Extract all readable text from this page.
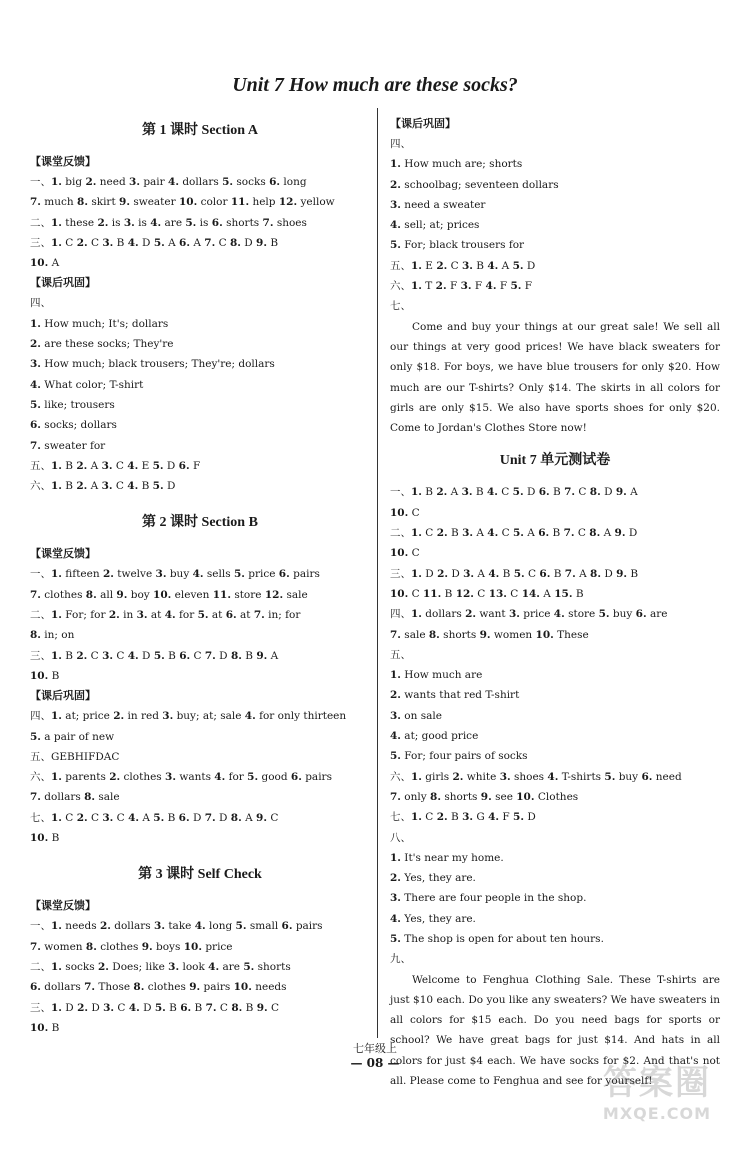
Unit 7 How much are these socks?
第 1 课时 Section A
【课堂反馈】
一、1. big 2. need 3. pair 4. dollars 5. socks 6. long
7. much 8. skirt 9. sweater 10. color 11. help 12. yellow
二、1. these 2. is 3. is 4. are 5. is 6. shorts 7. shoes
三、1. C 2. C 3. B 4. D 5. A 6. A 7. C 8. D 9. B
10. A
【课后巩固】
四、
1. How much; It's; dollars
2. are these socks; They're
3. How much; black trousers; They're; dollars
4. What color; T-shirt
5. like; trousers
6. socks; dollars
7. sweater for
五、1. B 2. A 3. C 4. E 5. D 6. F
六、1. B 2. A 3. C 4. B 5. D
第 2 课时 Section B
【课堂反馈】
一、1. fifteen 2. twelve 3. buy 4. sells 5. price 6. pairs
7. clothes 8. all 9. boy 10. eleven 11. store 12. sale
二、1. For; for 2. in 3. at 4. for 5. at 6. at 7. in; for
8. in; on
三、1. B 2. C 3. C 4. D 5. B 6. C 7. D 8. B 9. A
10. B
【课后巩固】
四、1. at; price 2. in red 3. buy; at; sale 4. for only thirteen
5. a pair of new
五、GEBHIFDAC
六、1. parents 2. clothes 3. wants 4. for 5. good 6. pairs
7. dollars 8. sale
七、1. C 2. C 3. C 4. A 5. B 6. D 7. D 8. A 9. C
10. B
第 3 课时 Self Check
【课堂反馈】
一、1. needs 2. dollars 3. take 4. long 5. small 6. pairs
7. women 8. clothes 9. boys 10. price
二、1. socks 2. Does; like 3. look 4. are 5. shorts
6. dollars 7. Those 8. clothes 9. pairs 10. needs
三、1. D 2. D 3. C 4. D 5. B 6. B 7. C 8. B 9. C
10. B
【课后巩固】
四、
1. How much are; shorts
2. schoolbag; seventeen dollars
3. need a sweater
4. sell; at; prices
5. For; black trousers for
五、1. E 2. C 3. B 4. A 5. D
六、1. T 2. F 3. F 4. F 5. F
七、
Come and buy your things at our great sale! We sell all our things at very good prices! We have black sweaters for only $18. For boys, we have blue trousers for only $20. How much are our T-shirts? Only $14. The skirts in all colors for girls are only $15. We also have sports shoes for only $20. Come to Jordan's Clothes Store now!
Unit 7 单元测试卷
一、1. B 2. A 3. B 4. C 5. D 6. B 7. C 8. D 9. A
10. C
二、1. C 2. B 3. A 4. C 5. A 6. B 7. C 8. A 9. D
10. C
三、1. D 2. D 3. A 4. B 5. C 6. B 7. A 8. D 9. B
10. C 11. B 12. C 13. C 14. A 15. B
四、1. dollars 2. want 3. price 4. store 5. buy 6. are
7. sale 8. shorts 9. women 10. These
五、
1. How much are
2. wants that red T-shirt
3. on sale
4. at; good price
5. For; four pairs of socks
六、1. girls 2. white 3. shoes 4. T-shirts 5. buy 6. need
7. only 8. shorts 9. see 10. Clothes
七、1. C 2. B 3. G 4. F 5. D
八、
1. It's near my home.
2. Yes, they are.
3. There are four people in the shop.
4. Yes, they are.
5. The shop is open for about ten hours.
九、
Welcome to Fenghua Clothing Sale. These T-shirts are just $10 each. Do you like any sweaters? We have sweaters in all colors for $15 each. Do you need bags for sports or school? We have great bags for just $14. And hats in all colors for just $4 each. We have socks for $2. And that's not all. Please come to Fenghua and see for yourself!
七年级上
— 08 —	答案圈
MXQE.COM
